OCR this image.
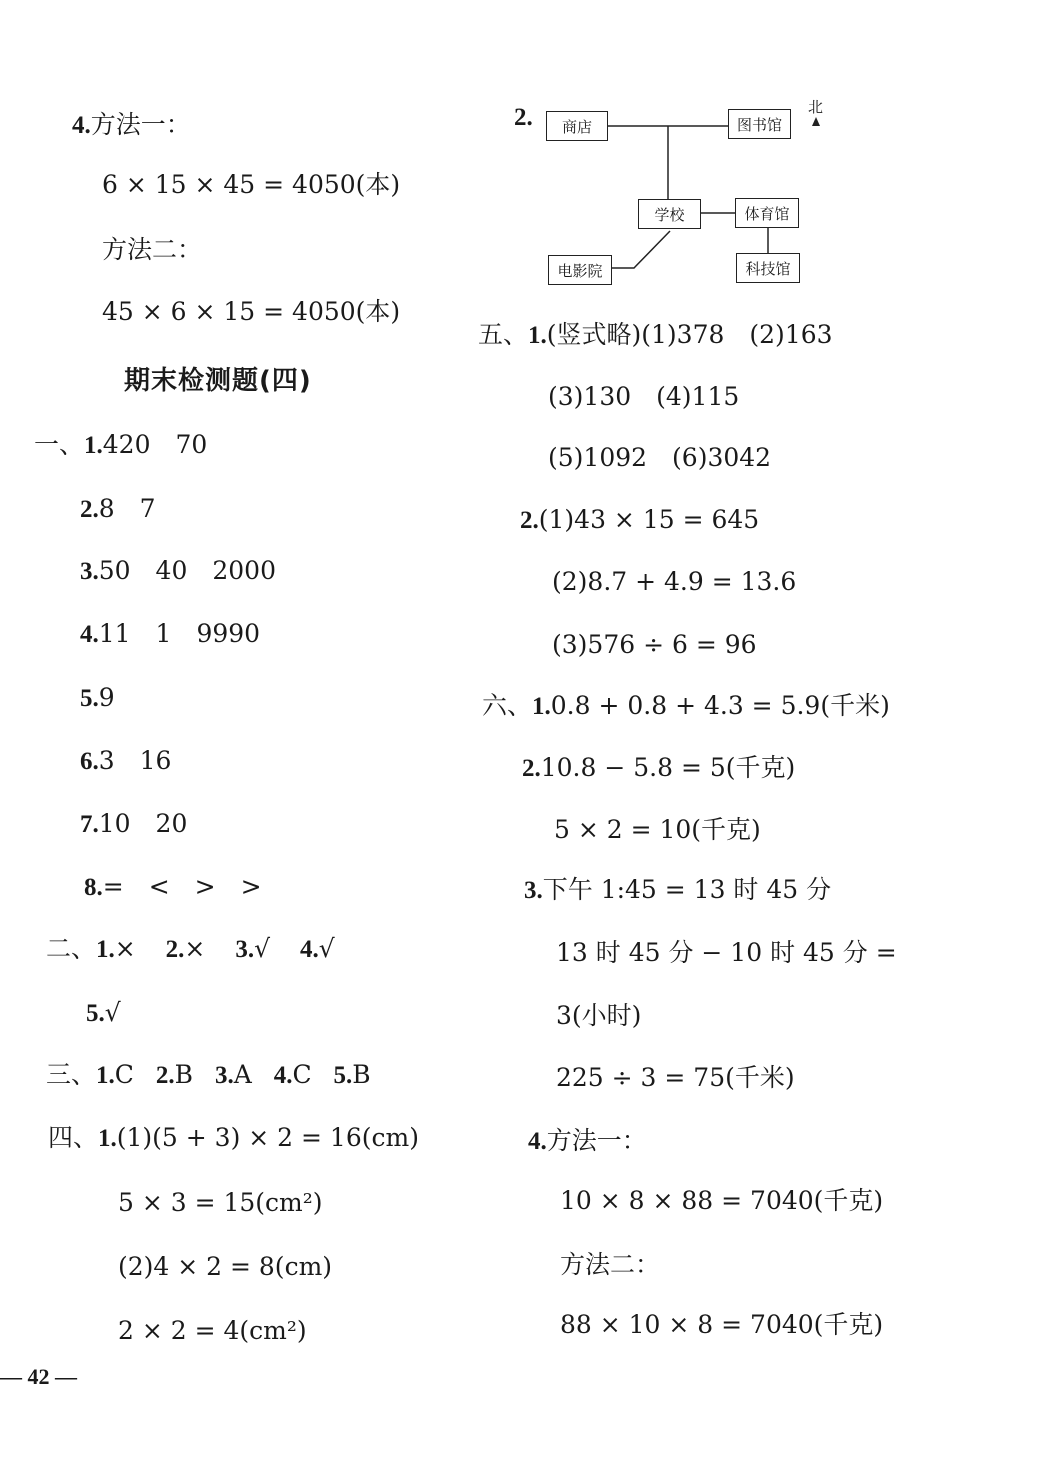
4.方法一：
6 × 15 × 45 = 4050(本)
方法二：
45 × 6 × 15 = 4050(本)
期末检测题(四)
一、1.420　70
2.8　7
3.50　40　2000
4.11　1　9990
5.9
6.3　16
7.10　20
8.=　<　>　>
二、1.× 2.× 3.√ 4.√
5.√
三、1.C 2.B 3.A 4.C 5.B
四、1.(1)(5 + 3) × 2 = 16(cm)
5 × 3 = 15(cm²)
(2)4 × 2 = 8(cm)
2 × 2 = 4(cm²)
— 42 —
2.	商店	图书馆
学校	体育馆
电影院	科技馆
北
五、1.(竖式略)(1)378　(2)163
(3)130　(4)115
(5)1092　(6)3042
2.(1)43 × 15 = 645
(2)8.7 + 4.9 = 13.6
(3)576 ÷ 6 = 96
六、1.0.8 + 0.8 + 4.3 = 5.9(千米)
2.10.8 − 5.8 = 5(千克)
5 × 2 = 10(千克)
3.下午 1:45 = 13 时 45 分
13 时 45 分 − 10 时 45 分 =
3(小时)
225 ÷ 3 = 75(千米)
4.方法一：
10 × 8 × 88 = 7040(千克)
方法二：
88 × 10 × 8 = 7040(千克)
